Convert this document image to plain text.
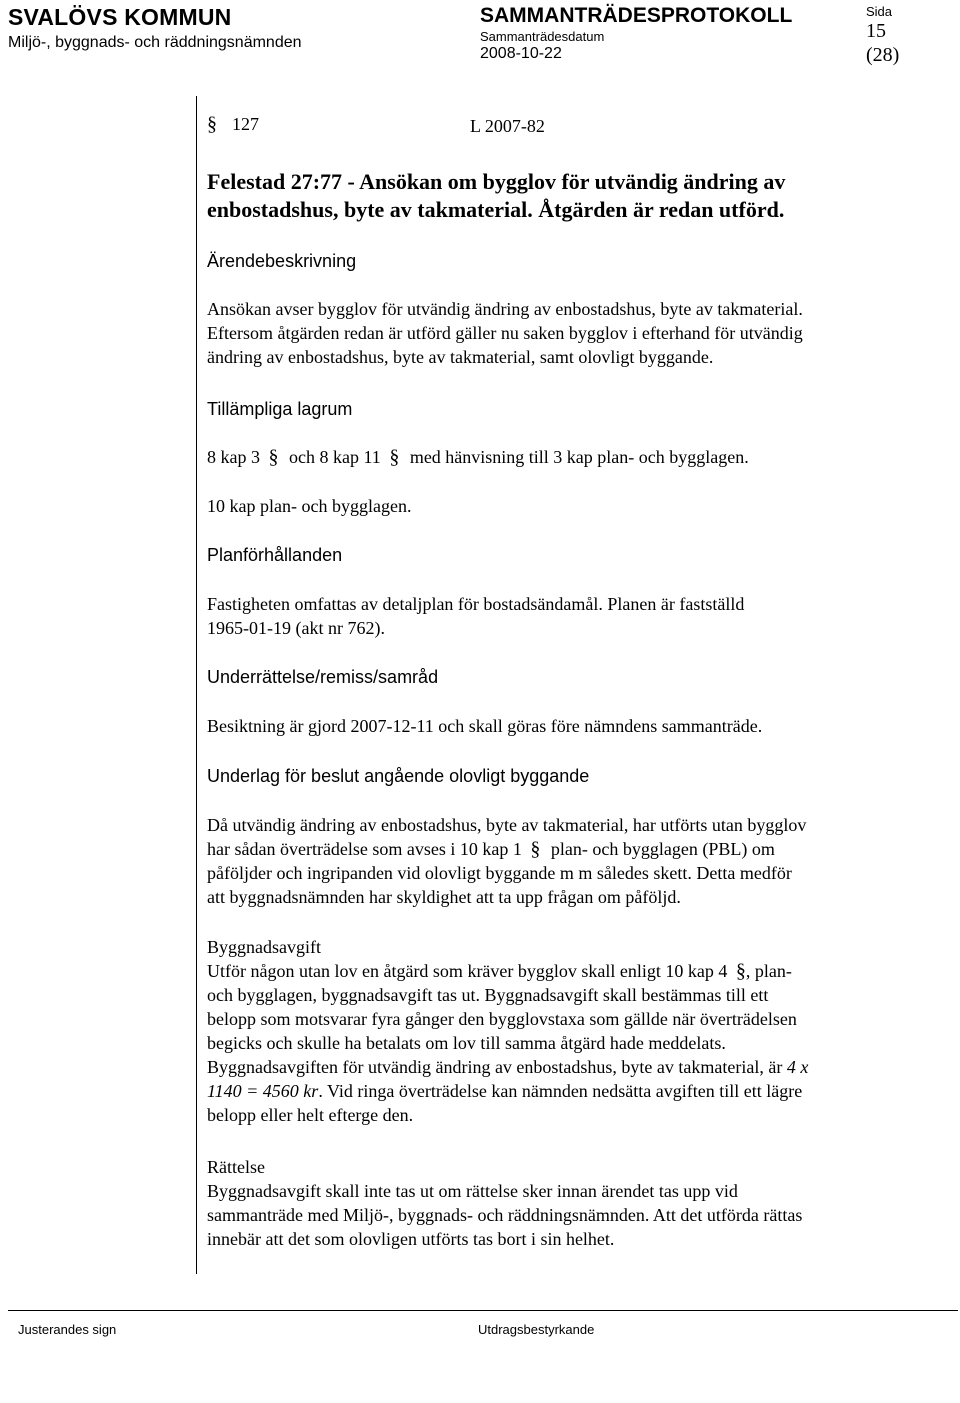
SVALÖVS KOMMUN
Miljö-, byggnads- och räddningsnämnden
SAMMANTRÄDESPROTOKOLL
Sammanträdesdatum
2008-10-22
Sida
15
(28)
§ 127	L 2007-82
Felestad 27:77 - Ansökan om bygglov för utvändig ändring av
enbostadshus, byte av takmaterial. Åtgärden är redan utförd.
Ärendebeskrivning
Ansökan avser bygglov för utvändig ändring av enbostadshus, byte av takmaterial.
Eftersom åtgärden redan är utförd gäller nu saken bygglov i efterhand för utvändig
ändring av enbostadshus, byte av takmaterial, samt olovligt byggande.
Tillämpliga lagrum
8 kap 3 § och 8 kap 11 § med hänvisning till 3 kap plan- och bygglagen.
10 kap plan- och bygglagen.
Planförhållanden
Fastigheten omfattas av detaljplan för bostadsändamål. Planen är fastställd
1965-01-19 (akt nr 762).
Underrättelse/remiss/samråd
Besiktning är gjord 2007-12-11 och skall göras före nämndens sammanträde.
Underlag för beslut angående olovligt byggande
Då utvändig ändring av enbostadshus, byte av takmaterial, har utförts utan bygglov
har sådan överträdelse som avses i 10 kap 1 § plan- och bygglagen (PBL) om
påföljder och ingripanden vid olovligt byggande m m således skett. Detta medför
att byggnadsnämnden har skyldighet att ta upp frågan om påföljd.
Byggnadsavgift
Utför någon utan lov en åtgärd som kräver bygglov skall enligt 10 kap 4 §, plan-
och bygglagen, byggnadsavgift tas ut. Byggnadsavgift skall bestämmas till ett
belopp som motsvarar fyra gånger den bygglovstaxa som gällde när överträdelsen
begicks och skulle ha betalats om lov till samma åtgärd hade meddelats.
Byggnadsavgiften för utvändig ändring av enbostadshus, byte av takmaterial, är 4 x
1140 = 4560 kr. Vid ringa överträdelse kan nämnden nedsätta avgiften till ett lägre
belopp eller helt efterge den.
Rättelse
Byggnadsavgift skall inte tas ut om rättelse sker innan ärendet tas upp vid
sammanträde med Miljö-, byggnads- och räddningsnämnden. Att det utförda rättas
innebär att det som olovligen utförts tas bort i sin helhet.
Justerandes sign	Utdragsbestyrkande
